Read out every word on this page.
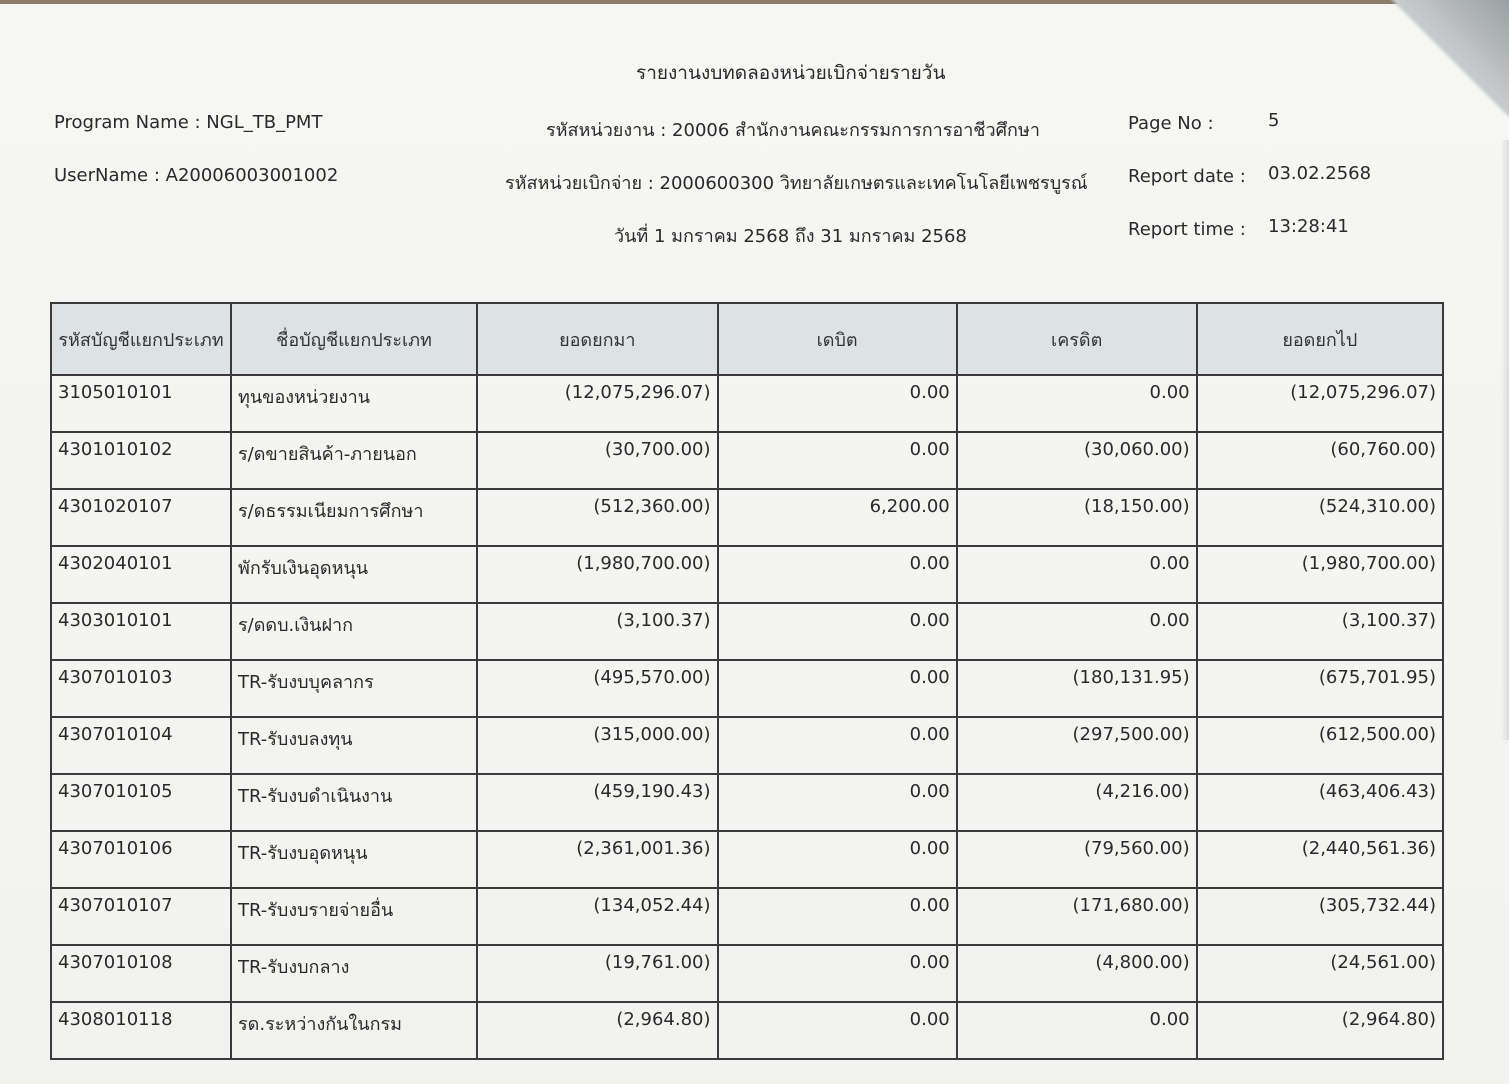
รายงานงบทดลองหน่วยเบิกจ่ายรายวัน
Program Name : NGL_TB_PMT
UserName : A20006003001002
รหัสหน่วยงาน : 20006 สำนักงานคณะกรรมการการอาชีวศึกษา
รหัสหน่วยเบิกจ่าย : 2000600300 วิทยาลัยเกษตรและเทคโนโลยีเพชรบูรณ์
วันที่ 1 มกราคม 2568 ถึง 31 มกราคม 2568
Page No :	5
Report date : 03.02.2568
Report time : 13:28:41
รหัสบัญชีแยกประเภท	ชื่อบัญชีแยกประเภท	ยอดยกมา	เดบิต	เครดิต	ยอดยกไป
3105010101	ทุนของหน่วยงาน	(12,075,296.07)	0.00	0.00	(12,075,296.07)
4301010102	ร/ดขายสินค้า-ภายนอก	(30,700.00)	0.00	(30,060.00)	(60,760.00)
4301020107	ร/ดธรรมเนียมการศึกษา	(512,360.00)	6,200.00	(18,150.00)	(524,310.00)
4302040101	พักรับเงินอุดหนุน	(1,980,700.00)	0.00	0.00	(1,980,700.00)
4303010101	ร/ดดบ.เงินฝาก	(3,100.37)	0.00	0.00	(3,100.37)
4307010103	TR-รับงบบุคลากร	(495,570.00)	0.00	(180,131.95)	(675,701.95)
4307010104	TR-รับงบลงทุน	(315,000.00)	0.00	(297,500.00)	(612,500.00)
4307010105	TR-รับงบดำเนินงาน	(459,190.43)	0.00	(4,216.00)	(463,406.43)
4307010106	TR-รับงบอุดหนุน	(2,361,001.36)	0.00	(79,560.00)	(2,440,561.36)
4307010107	TR-รับงบรายจ่ายอื่น	(134,052.44)	0.00	(171,680.00)	(305,732.44)
4307010108	TR-รับงบกลาง	(19,761.00)	0.00	(4,800.00)	(24,561.00)
4308010118	รด.ระหว่างกันในกรม	(2,964.80)	0.00	0.00	(2,964.80)
